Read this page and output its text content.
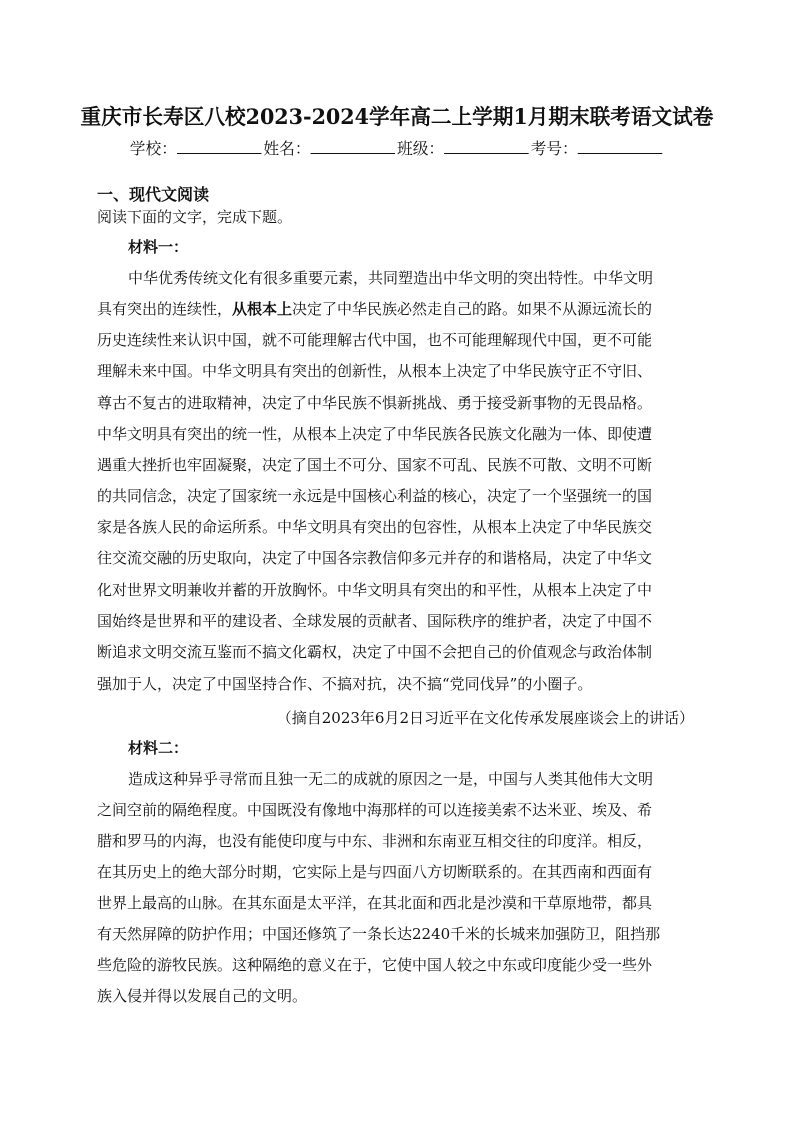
重庆市长寿区八校2023-2024学年高二上学期1月期末联考语文试卷
学校：	姓名：	班级：	考号：
一、现代文阅读
阅读下面的文字，完成下题。
材料一：
中华优秀传统文化有很多重要元素，共同塑造出中华文明的突出特性。中华文明
具有突出的连续性，从根本上决定了中华民族必然走自己的路。如果不从源远流长的
历史连续性来认识中国，就不可能理解古代中国，也不可能理解现代中国，更不可能
理解未来中国。中华文明具有突出的创新性，从根本上决定了中华民族守正不守旧、
尊古不复古的进取精神，决定了中华民族不惧新挑战、勇于接受新事物的无畏品格。
中华文明具有突出的统一性，从根本上决定了中华民族各民族文化融为一体、即使遭
遇重大挫折也牢固凝聚，决定了国土不可分、国家不可乱、民族不可散、文明不可断
的共同信念，决定了国家统一永远是中国核心利益的核心，决定了一个坚强统一的国
家是各族人民的命运所系。中华文明具有突出的包容性，从根本上决定了中华民族交
往交流交融的历史取向，决定了中国各宗教信仰多元并存的和谐格局，决定了中华文
化对世界文明兼收并蓄的开放胸怀。中华文明具有突出的和平性，从根本上决定了中
国始终是世界和平的建设者、全球发展的贡献者、国际秩序的维护者，决定了中国不
断追求文明交流互鉴而不搞文化霸权，决定了中国不会把自己的价值观念与政治体制
强加于人，决定了中国坚持合作、不搞对抗，决不搞“党同伐异”的小圈子。
（摘自2023年6月2日习近平在文化传承发展座谈会上的讲话）
材料二：
造成这种异乎寻常而且独一无二的成就的原因之一是，中国与人类其他伟大文明
之间空前的隔绝程度。中国既没有像地中海那样的可以连接美索不达米亚、埃及、希
腊和罗马的内海，也没有能使印度与中东、非洲和东南亚互相交往的印度洋。相反，
在其历史上的绝大部分时期，它实际上是与四面八方切断联系的。在其西南和西面有
世界上最高的山脉。在其东面是太平洋，在其北面和西北是沙漠和干草原地带，都具
有天然屏障的防护作用；中国还修筑了一条长达2240千米的长城来加强防卫，阻挡那
些危险的游牧民族。这种隔绝的意义在于，它使中国人较之中东或印度能少受一些外
族入侵并得以发展自己的文明。
